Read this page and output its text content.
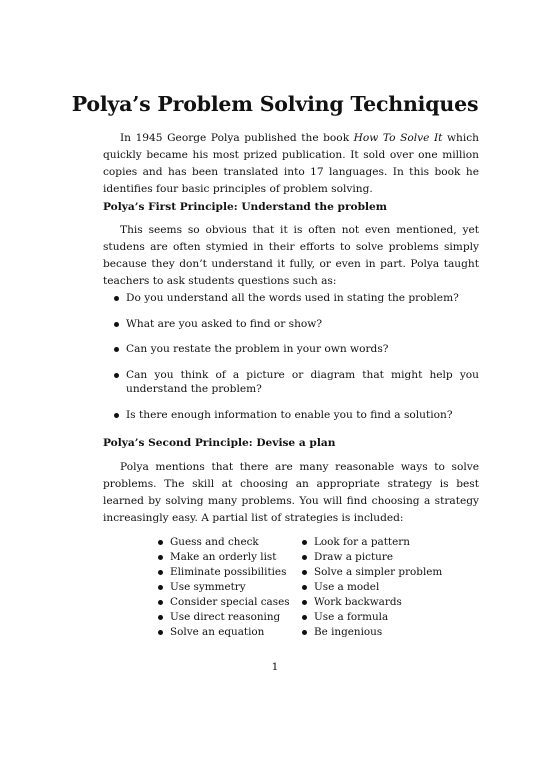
Polya’s Problem Solving Techniques

In 1945 George Polya published the book How To Solve It which quickly became his most prized publication. It sold over one million copies and has been translated into 17 languages. In this book he identifies four basic principles of problem solving.

Polya’s First Principle: Understand the problem

This seems so obvious that it is often not even mentioned, yet studens are often stymied in their efforts to solve problems simply because they don’t understand it fully, or even in part. Polya taught teachers to ask students questions such as:

Do you understand all the words used in stating the problem?
What are you asked to find or show?
Can you restate the problem in your own words?
Can you think of a picture or diagram that might help you understand the problem?
Is there enough information to enable you to find a solution?
Polya’s Second Principle: Devise a plan

Polya mentions that there are many reasonable ways to solve problems. The skill at choosing an appropriate strategy is best learned by solving many problems. You will find choosing a strategy increasingly easy. A partial list of strategies is included:

Guess and check	Look for a pattern
Make an orderly list	Draw a picture
Eliminate possibilities	Solve a simpler problem
Use symmetry	Use a model
Consider special cases	Work backwards
Use direct reasoning	Use a formula
Solve an equation	Be ingenious
1
